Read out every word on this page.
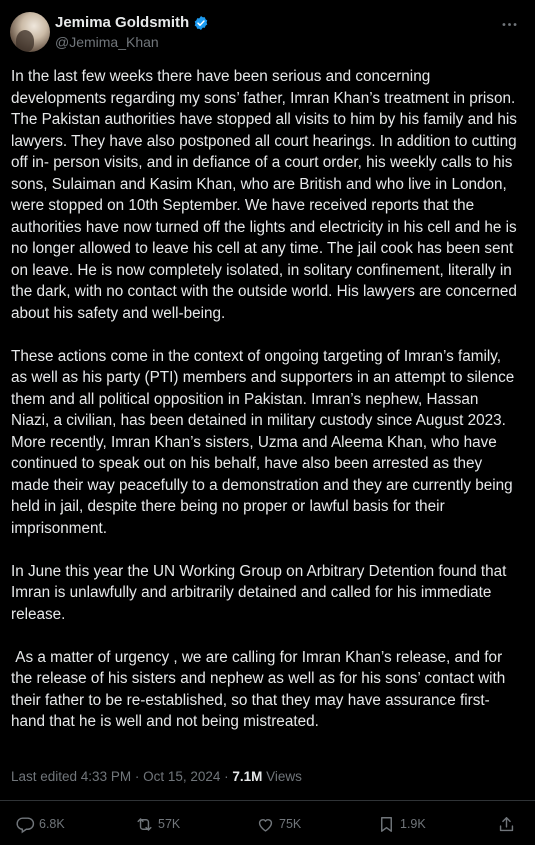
Jemima Goldsmith
@Jemima_Khan

In the last few weeks there have been serious and concerning developments regarding my sons’ father, Imran Khan’s treatment in prison. The Pakistan authorities have stopped all visits to him by his family and his lawyers. They have also postponed all court hearings. In addition to cutting off in- person visits, and in defiance of a court order, his weekly calls to his sons, Sulaiman and Kasim Khan, who are British and who live in London, were stopped on 10th September. We have received reports that the authorities have now turned off the lights and electricity in his cell and he is no longer allowed to leave his cell at any time. The jail cook has been sent on leave. He is now completely isolated, in solitary confinement, literally in the dark, with no contact with the outside world. His lawyers are concerned about his safety and well-being.

These actions come in the context of ongoing targeting of Imran’s family, as well as his party (PTI) members and supporters in an attempt to silence them and all political opposition in Pakistan. Imran’s nephew, Hassan Niazi, a civilian, has been detained in military custody since August 2023. More recently, Imran Khan’s sisters, Uzma and Aleema Khan, who have continued to speak out on his behalf, have also been arrested as they made their way peacefully to a demonstration and they are currently being held in jail, despite there being no proper or lawful basis for their imprisonment.

In June this year the UN Working Group on Arbitrary Detention found that Imran is unlawfully and arbitrarily detained and called for his immediate release.

As a matter of urgency , we are calling for Imran Khan’s release, and for the release of his sisters and nephew as well as for his sons’ contact with their father to be re-established, so that they may have assurance first-hand that he is well and not being mistreated.

Last edited 4:33 PM · Oct 15, 2024 · 7.1M Views
6.8K	57K	75K	1.9K
